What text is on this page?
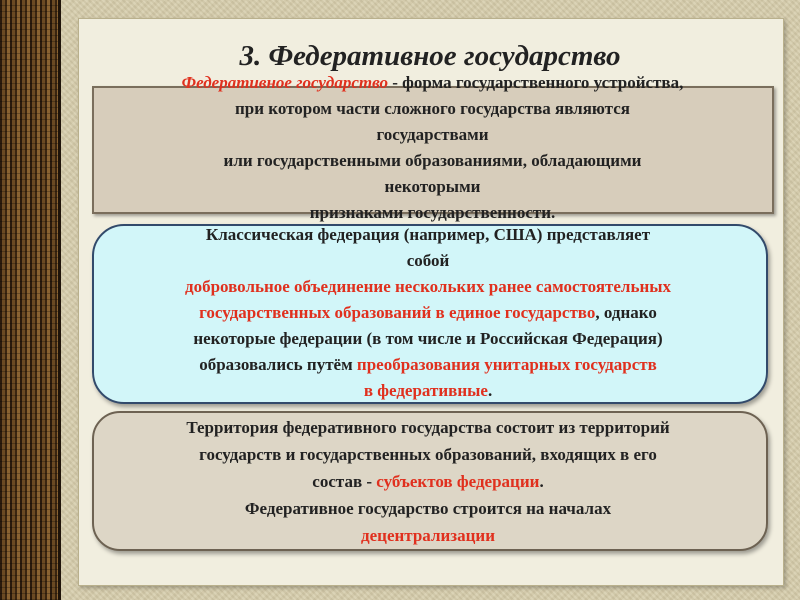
3. Федеративное государство
Федеративное государство - форма государственного устройства,
при котором части сложного государства являются
государствами
или государственными образованиями, обладающими
некоторыми
признаками государственности.
Классическая федерация (например, США) представляет
собой
добровольное объединение нескольких ранее самостоятельных
государственных образований в единое государство, однако
некоторые федерации (в том числе и Российская Федерация)
образовались путём преобразования унитарных государств
в федеративные.
Территория федеративного государства состоит из территорий
государств и государственных образований, входящих в его
состав - субъектов федерации.
Федеративное государство строится на началах
децентрализации
